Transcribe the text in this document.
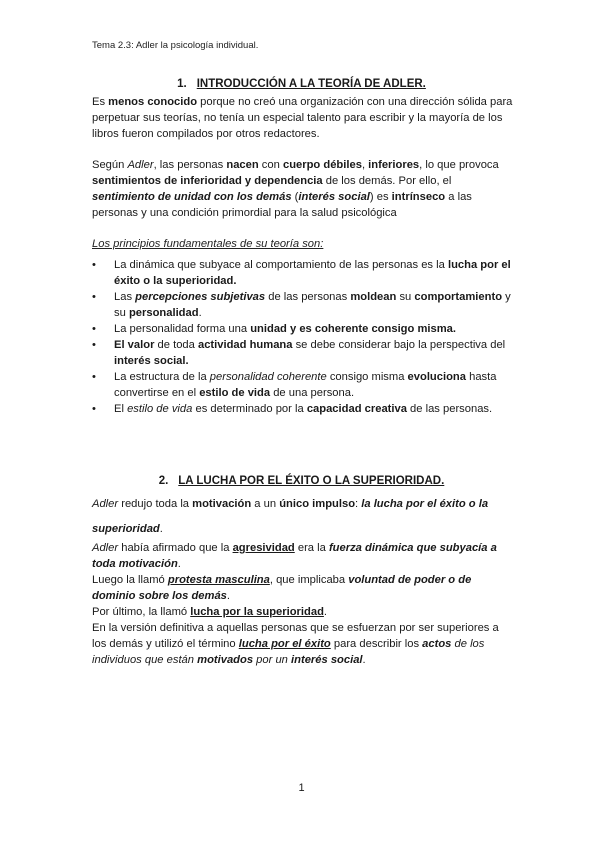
Tema 2.3: Adler la psicología individual.
1. INTRODUCCIÓN A LA TEORÍA DE ADLER.
Es menos conocido porque no creó una organización con una dirección sólida para perpetuar sus teorías, no tenía un especial talento para escribir y la mayoría de los libros fueron compilados por otros redactores.
Según Adler, las personas nacen con cuerpo débiles, inferiores, lo que provoca sentimientos de inferioridad y dependencia de los demás. Por ello, el sentimiento de unidad con los demás (interés social) es intrínseco a las personas y una condición primordial para la salud psicológica
Los principios fundamentales de su teoría son:
•	La dinámica que subyace al comportamiento de las personas es la lucha por el éxito o la superioridad.
•	Las percepciones subjetivas de las personas moldean su comportamiento y su personalidad.
•	La personalidad forma una unidad y es coherente consigo misma.
•	El valor de toda actividad humana se debe considerar bajo la perspectiva del interés social.
•	La estructura de la personalidad coherente consigo misma evoluciona hasta convertirse en el estilo de vida de una persona.
•	El estilo de vida es determinado por la capacidad creativa de las personas.
2. LA LUCHA POR EL ÉXITO O LA SUPERIORIDAD.
Adler redujo toda la motivación a un único impulso: la lucha por el éxito o la
superioridad.
Adler había afirmado que la agresividad era la fuerza dinámica que subyacía a toda motivación.
Luego la llamó protesta masculina, que implicaba voluntad de poder o de dominio sobre los demás.
Por último, la llamó lucha por la superioridad.
En la versión definitiva a aquellas personas que se esfuerzan por ser superiores a los demás y utilizó el término lucha por el éxito para describir los actos de los individuos que están motivados por un interés social.
1
